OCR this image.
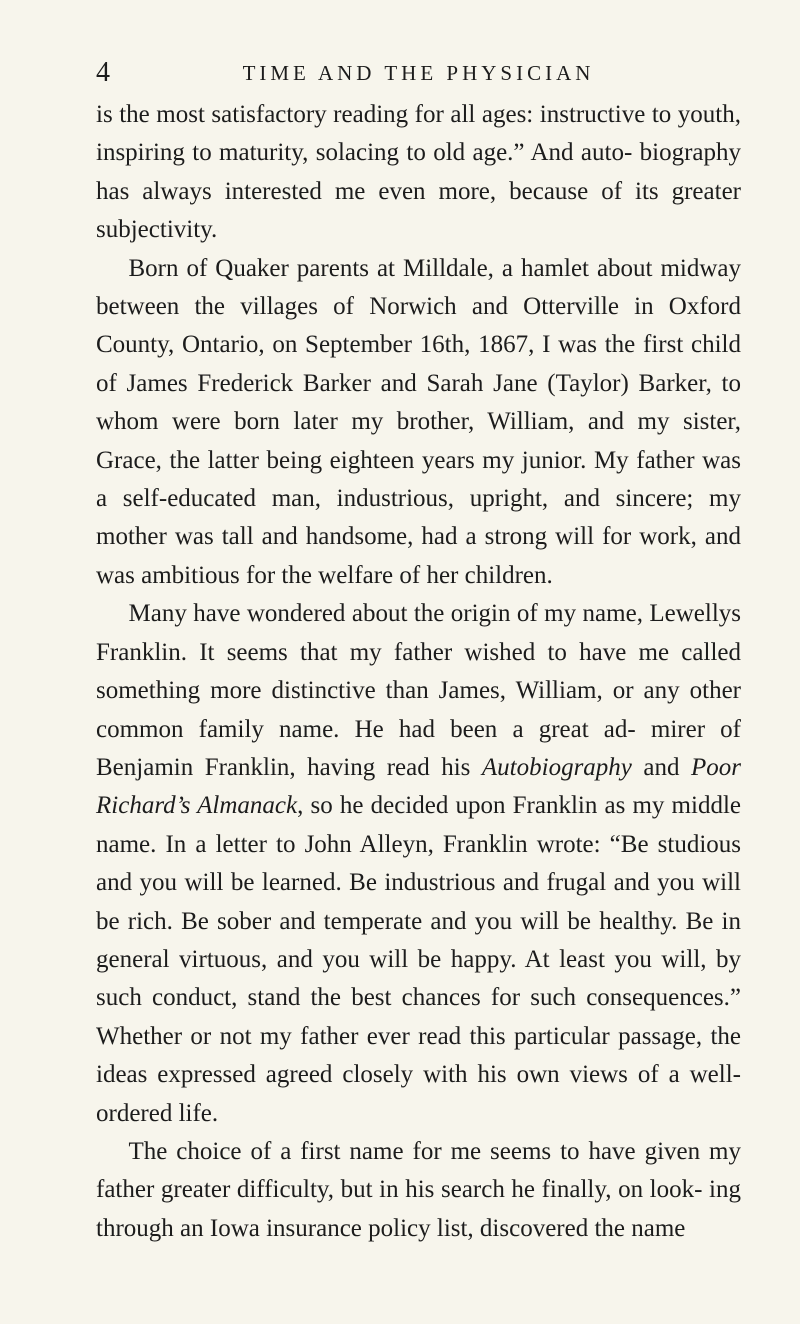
4	TIME AND THE PHYSICIAN

is the most satisfactory reading for all ages: instructive to youth, inspiring to maturity, solacing to old age.” And auto- biography has always interested me even more, because of its greater subjectivity.

Born of Quaker parents at Milldale, a hamlet about midway between the villages of Norwich and Otterville in Oxford County, Ontario, on September 16th, 1867, I was the first child of James Frederick Barker and Sarah Jane (Taylor) Barker, to whom were born later my brother, William, and my sister, Grace, the latter being eighteen years my junior. My father was a self-educated man, industrious, upright, and sincere; my mother was tall and handsome, had a strong will for work, and was ambitious for the welfare of her children.

Many have wondered about the origin of my name, Lewellys Franklin. It seems that my father wished to have me called something more distinctive than James, William, or any other common family name. He had been a great ad- mirer of Benjamin Franklin, having read his Autobiography and Poor Richard’s Almanack, so he decided upon Franklin as my middle name. In a letter to John Alleyn, Franklin wrote: “Be studious and you will be learned. Be industrious and frugal and you will be rich. Be sober and temperate and you will be healthy. Be in general virtuous, and you will be happy. At least you will, by such conduct, stand the best chances for such consequences.” Whether or not my father ever read this particular passage, the ideas expressed agreed closely with his own views of a well-ordered life.

The choice of a first name for me seems to have given my father greater difficulty, but in his search he finally, on look- ing through an Iowa insurance policy list, discovered the name
